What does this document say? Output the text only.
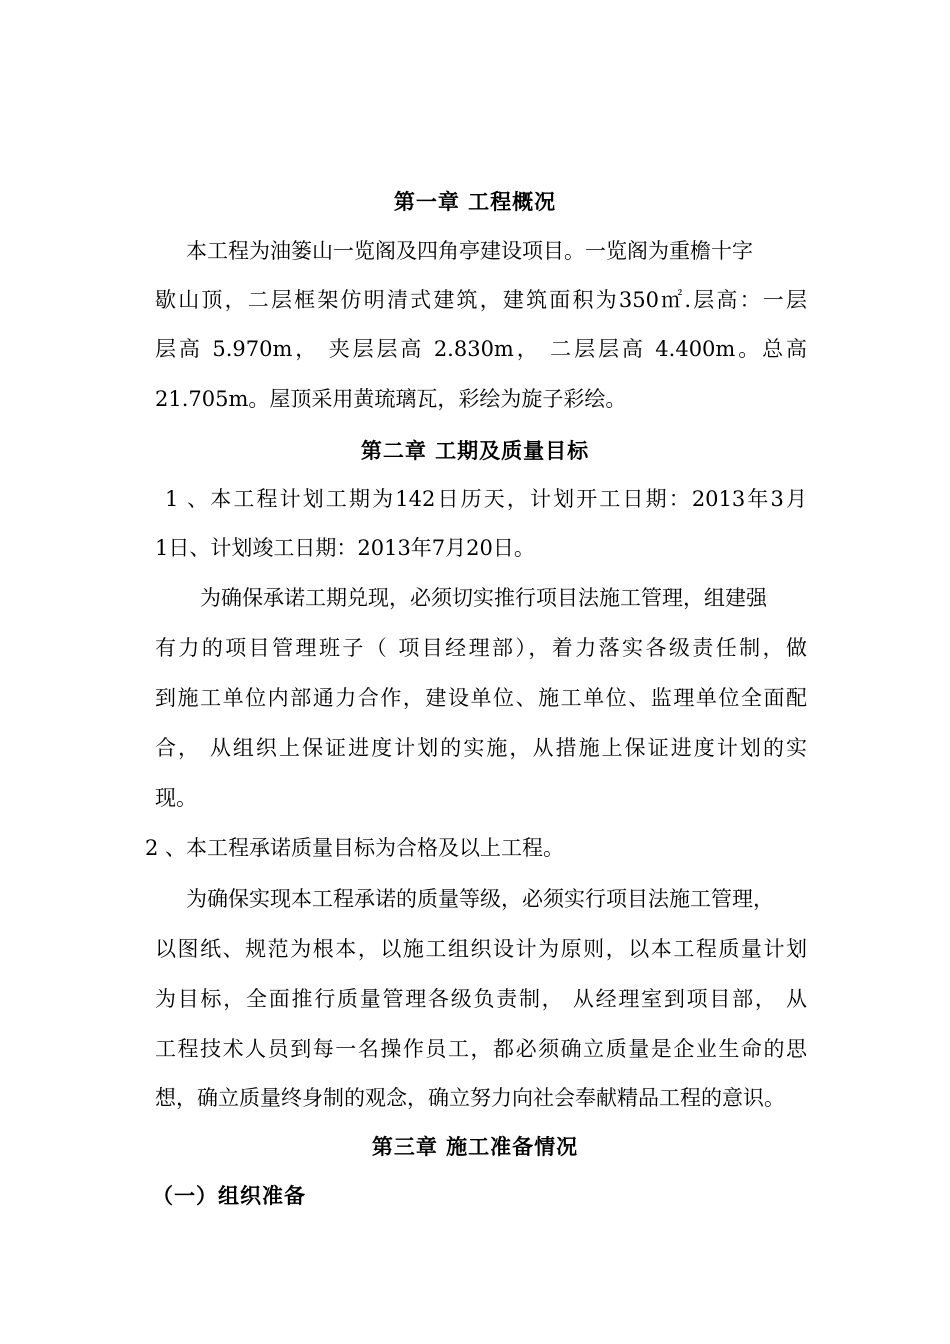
第一章 工程概况
本工程为油篓山一览阁及四角亭建设项目。一览阁为重檐十字
歇山顶，二层框架仿明清式建筑，建筑面积为350㎡.层高：一层
层高 5.970m， 夹层层高 2.830m， 二层层高 4.400m。总高
21.705m。屋顶采用黄琉璃瓦，彩绘为旋子彩绘。
第二章 工期及质量目标
1 、本工程计划工期为142日历天，计划开工日期：2013年3月
1日、计划竣工日期：2013年7月20日。
为确保承诺工期兑现，必须切实推行项目法施工管理，组建强
有力的项目管理班子（ 项目经理部），着力落实各级责任制，做
到施工单位内部通力合作，建设单位、施工单位、监理单位全面配
合， 从组织上保证进度计划的实施，从措施上保证进度计划的实
现。
2 、本工程承诺质量目标为合格及以上工程。
为确保实现本工程承诺的质量等级，必须实行项目法施工管理，
以图纸、规范为根本，以施工组织设计为原则，以本工程质量计划
为目标，全面推行质量管理各级负责制， 从经理室到项目部， 从
工程技术人员到每一名操作员工，都必须确立质量是企业生命的思
想，确立质量终身制的观念，确立努力向社会奉献精品工程的意识。
第三章 施工准备情况
（一）组织准备
